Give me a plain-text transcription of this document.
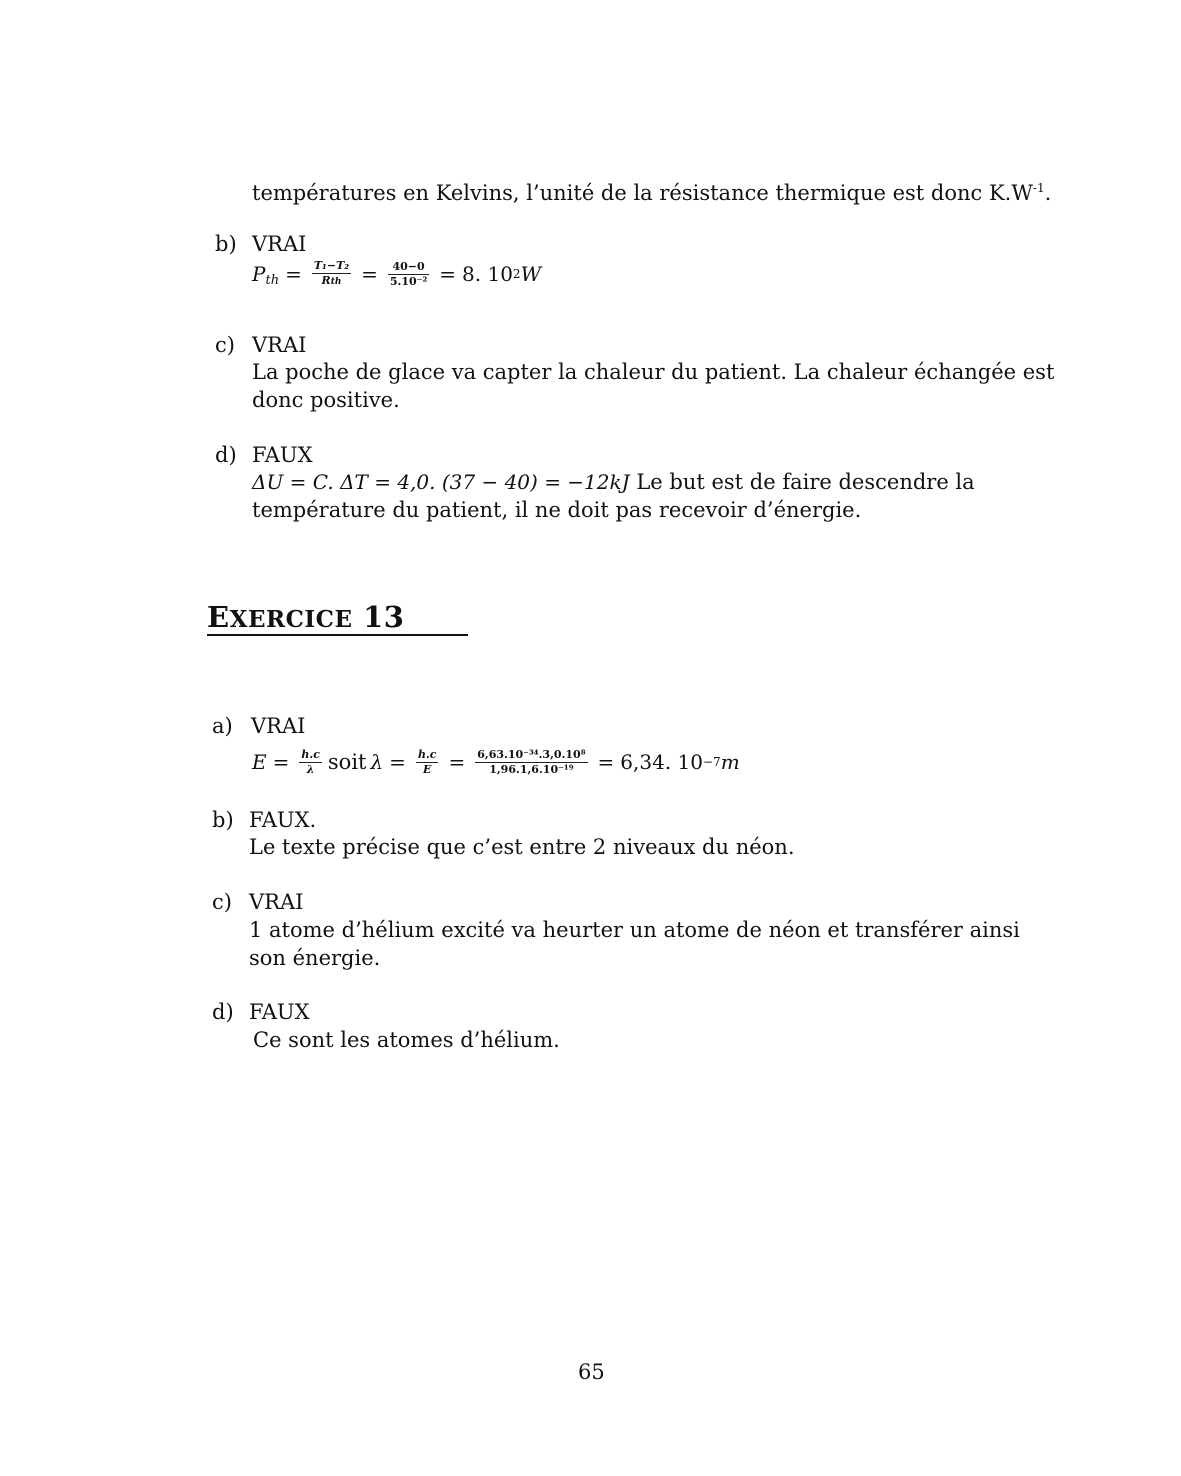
températures en Kelvins, l’unité de la résistance thermique est donc $K.W^{-1}$.
b) VRAI
P th = $\frac{\text{T₁−T₂}}{\text{Rth}} = \frac{40-0}{\text{5.10⁻²}} = 8$. 10 2 W
c) VRAI
La poche de glace va capter la chaleur du patient. La chaleur échangée est
donc positive.
d) FAUX
ΔU = C. ΔT = 4,0. (37 − 40) = −12kJ Le but est de faire descendre la
température du patient, il ne doit pas recevoir d’énergie.
EXERCICE 13
a) VRAI
$E = \frac{h.c}{\lambda}$ soit $\lambda = \frac{h.c}{E} = \frac{\text{6,63.10⁻³⁴.3,0.10⁸}}{\text{1,96.1,6.10⁻¹⁹}} = 6,34$. 10 −7 m
b) FAUX.
Le texte précise que c’est entre 2 niveaux du néon.
c) VRAI
1 atome d’hélium excité va heurter un atome de néon et transférer ainsi
son énergie.
d) FAUX
Ce sont les atomes d’hélium.
65
